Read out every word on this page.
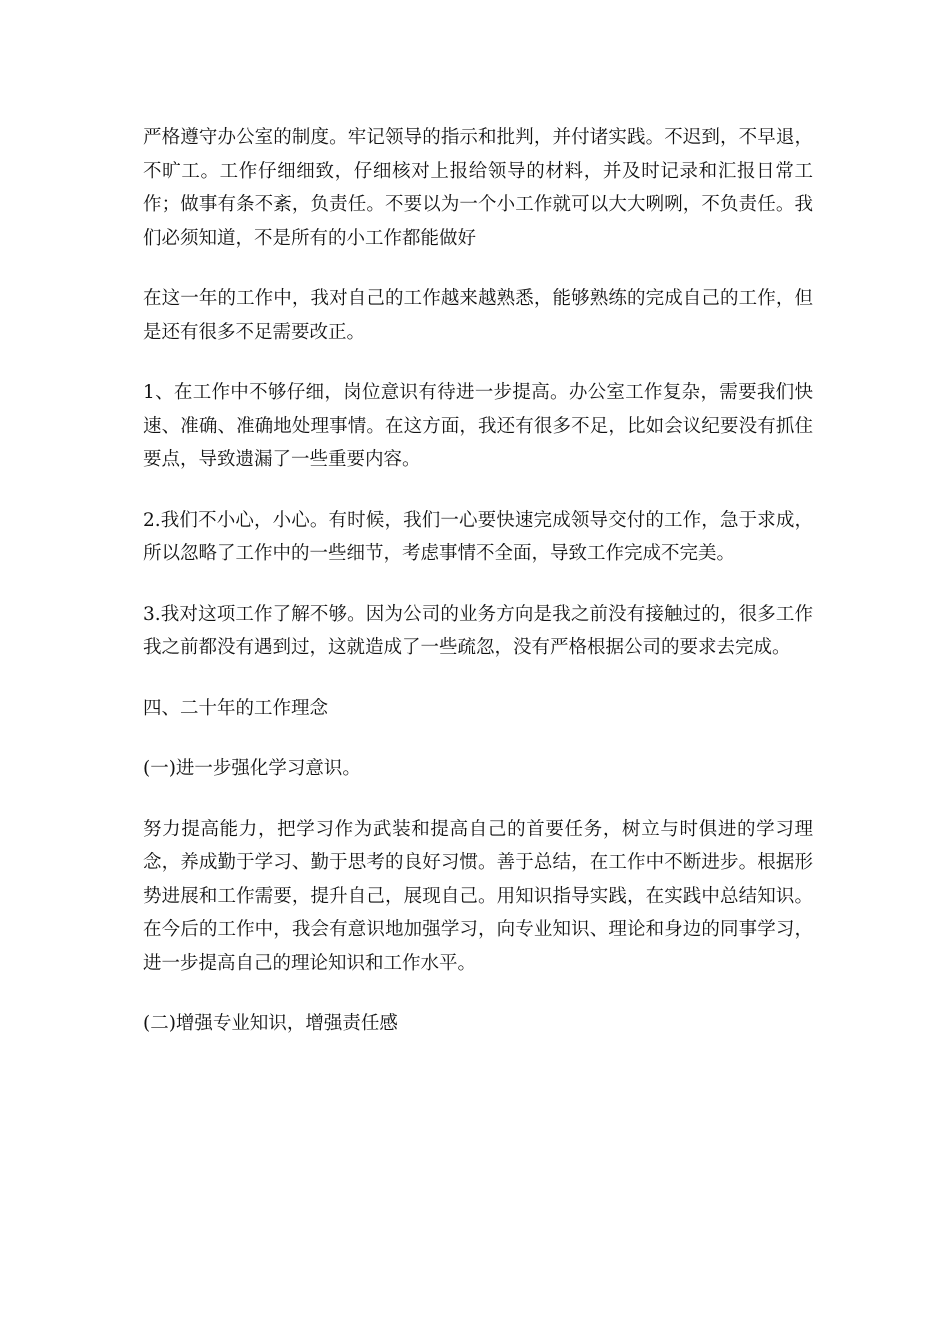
严格遵守办公室的制度。牢记领导的指示和批判，并付诸实践。不迟到，不早退，不旷工。工作仔细细致，仔细核对上报给领导的材料，并及时记录和汇报日常工作；做事有条不紊，负责任。不要以为一个小工作就可以大大咧咧，不负责任。我们必须知道，不是所有的小工作都能做好

在这一年的工作中，我对自己的工作越来越熟悉，能够熟练的完成自己的工作，但是还有很多不足需要改正。

1、在工作中不够仔细，岗位意识有待进一步提高。办公室工作复杂，需要我们快速、准确、准确地处理事情。在这方面，我还有很多不足，比如会议纪要没有抓住要点，导致遗漏了一些重要内容。

2.我们不小心，小心。有时候，我们一心要快速完成领导交付的工作，急于求成，所以忽略了工作中的一些细节，考虑事情不全面，导致工作完成不完美。

3.我对这项工作了解不够。因为公司的业务方向是我之前没有接触过的，很多工作我之前都没有遇到过，这就造成了一些疏忽，没有严格根据公司的要求去完成。

四、二十年的工作理念

(一)进一步强化学习意识。

努力提高能力，把学习作为武装和提高自己的首要任务，树立与时俱进的学习理念，养成勤于学习、勤于思考的良好习惯。善于总结，在工作中不断进步。根据形势进展和工作需要，提升自己，展现自己。用知识指导实践，在实践中总结知识。在今后的工作中，我会有意识地加强学习，向专业知识、理论和身边的同事学习，进一步提高自己的理论知识和工作水平。

(二)增强专业知识，增强责任感
